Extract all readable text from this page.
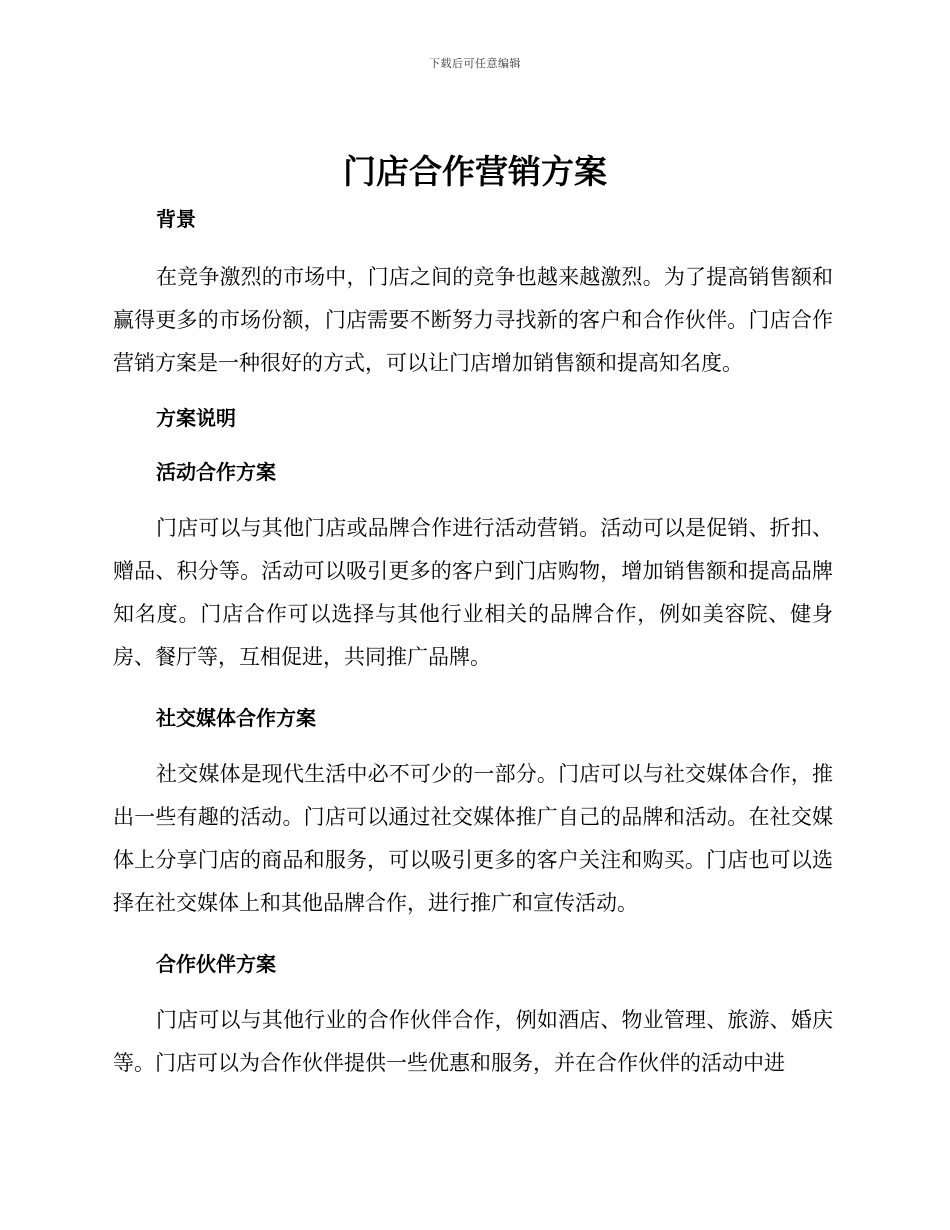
下载后可任意编辑
门店合作营销方案

背景

在竞争激烈的市场中，门店之间的竞争也越来越激烈。为了提高销售额和赢得更多的市场份额，门店需要不断努力寻找新的客户和合作伙伴。门店合作营销方案是一种很好的方式，可以让门店增加销售额和提高知名度。

方案说明

活动合作方案

门店可以与其他门店或品牌合作进行活动营销。活动可以是促销、折扣、赠品、积分等。活动可以吸引更多的客户到门店购物，增加销售额和提高品牌知名度。门店合作可以选择与其他行业相关的品牌合作，例如美容院、健身房、餐厅等，互相促进，共同推广品牌。

社交媒体合作方案

社交媒体是现代生活中必不可少的一部分。门店可以与社交媒体合作，推出一些有趣的活动。门店可以通过社交媒体推广自己的品牌和活动。在社交媒体上分享门店的商品和服务，可以吸引更多的客户关注和购买。门店也可以选择在社交媒体上和其他品牌合作，进行推广和宣传活动。

合作伙伴方案

门店可以与其他行业的合作伙伴合作，例如酒店、物业管理、旅游、婚庆等。门店可以为合作伙伴提供一些优惠和服务，并在合作伙伴的活动中进
